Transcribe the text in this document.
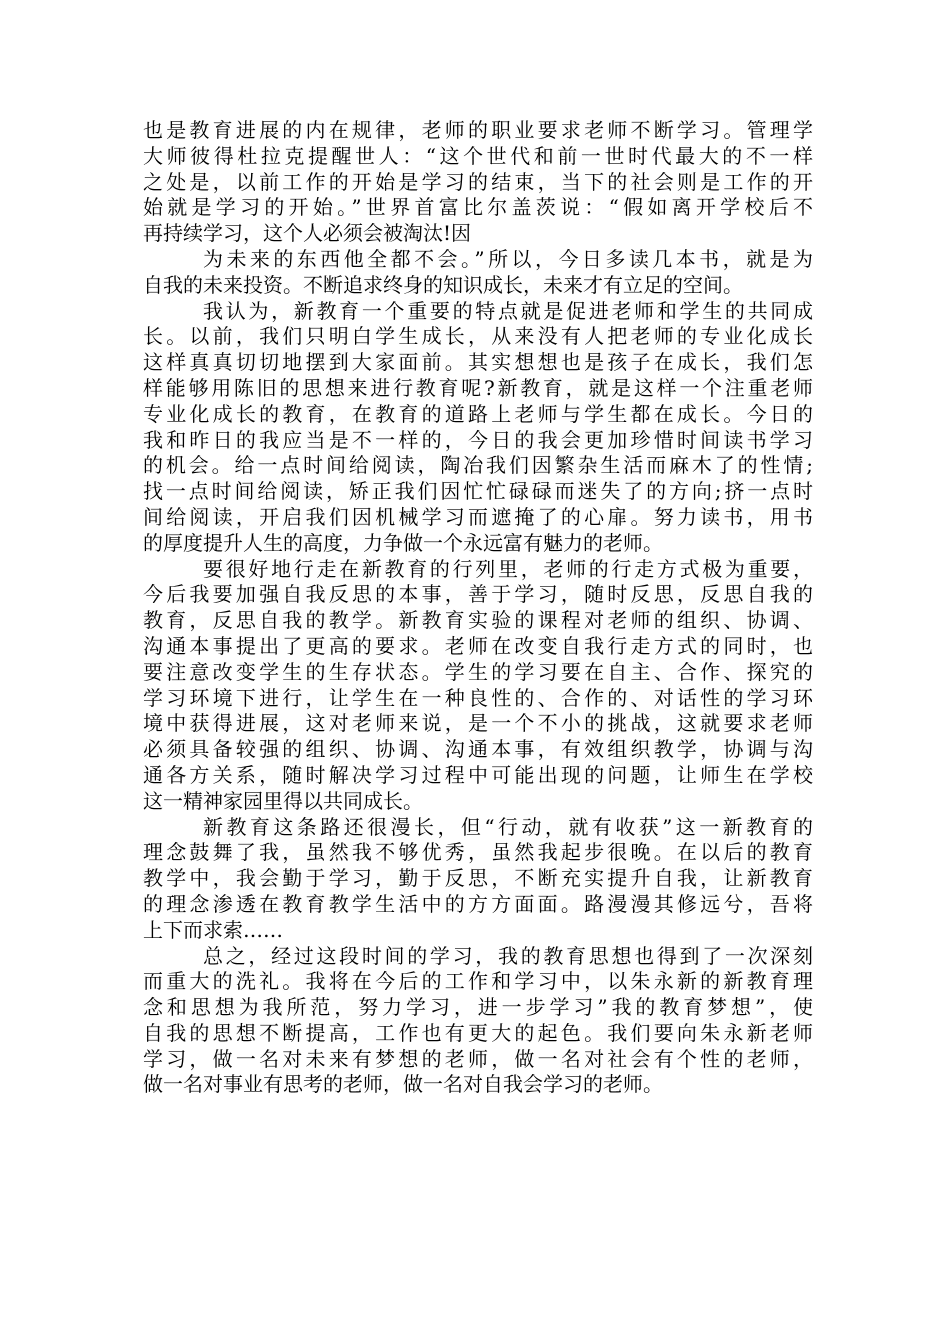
也是教育进展的内在规律，老师的职业要求老师不断学习。管理学
大师彼得杜拉克提醒世人：“这个世代和前一世时代最大的不一样
之处是，以前工作的开始是学习的结束，当下的社会则是工作的开
始就是学习的开始。”世界首富比尔盖茨说：“假如离开学校后不
再持续学习，这个人必须会被淘汰!因
为未来的东西他全都不会。”所以，今日多读几本书，就是为
自我的未来投资。不断追求终身的知识成长，未来才有立足的空间。
我认为，新教育一个重要的特点就是促进老师和学生的共同成
长。以前，我们只明白学生成长，从来没有人把老师的专业化成长
这样真真切切地摆到大家面前。其实想想也是孩子在成长，我们怎
样能够用陈旧的思想来进行教育呢?新教育，就是这样一个注重老师
专业化成长的教育，在教育的道路上老师与学生都在成长。今日的
我和昨日的我应当是不一样的，今日的我会更加珍惜时间读书学习
的机会。给一点时间给阅读，陶冶我们因繁杂生活而麻木了的性情;
找一点时间给阅读，矫正我们因忙忙碌碌而迷失了的方向;挤一点时
间给阅读，开启我们因机械学习而遮掩了的心扉。努力读书，用书
的厚度提升人生的高度，力争做一个永远富有魅力的老师。
要很好地行走在新教育的行列里，老师的行走方式极为重要，
今后我要加强自我反思的本事，善于学习，随时反思，反思自我的
教育，反思自我的教学。新教育实验的课程对老师的组织、协调、
沟通本事提出了更高的要求。老师在改变自我行走方式的同时，也
要注意改变学生的生存状态。学生的学习要在自主、合作、探究的
学习环境下进行，让学生在一种良性的、合作的、对话性的学习环
境中获得进展，这对老师来说，是一个不小的挑战，这就要求老师
必须具备较强的组织、协调、沟通本事，有效组织教学，协调与沟
通各方关系，随时解决学习过程中可能出现的问题，让师生在学校
这一精神家园里得以共同成长。
新教育这条路还很漫长，但“行动，就有收获”这一新教育的
理念鼓舞了我，虽然我不够优秀，虽然我起步很晚。在以后的教育
教学中，我会勤于学习，勤于反思，不断充实提升自我，让新教育
的理念渗透在教育教学生活中的方方面面。路漫漫其修远兮，吾将
上下而求索……
总之，经过这段时间的学习，我的教育思想也得到了一次深刻
而重大的洗礼。我将在今后的工作和学习中，以朱永新的新教育理
念和思想为我所范，努力学习，进一步学习”我的教育梦想”，使
自我的思想不断提高，工作也有更大的起色。我们要向朱永新老师
学习，做一名对未来有梦想的老师，做一名对社会有个性的老师，
做一名对事业有思考的老师，做一名对自我会学习的老师。
